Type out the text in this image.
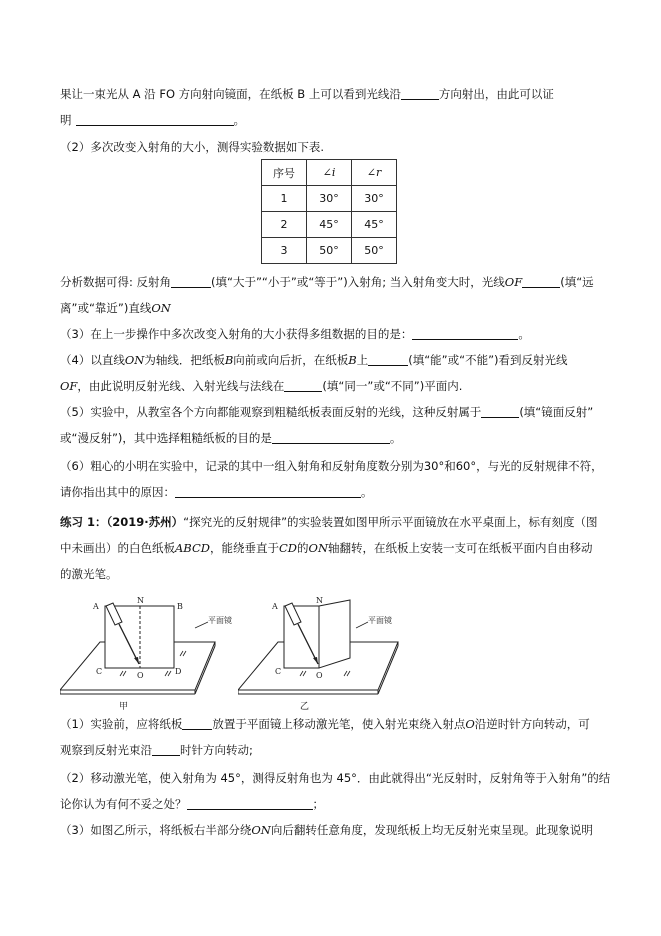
果让一束光从 A 沿 FO 方向射向镜面，在纸板 B 上可以看到光线沿	方向射出，由此可以证
明	。
（2）多次改变入射角的大小，测得实验数据如下表.
序号	∠i	∠r
1	30°	30°
2	45°	45°
3	50°	50°
分析数据可得: 反射角	(填“大于”“小于”或“等于”)入射角; 当入射角变大时，光线OF	(填“远
离”或“靠近”)直线ON
（3）在上一步操作中多次改变入射角的大小获得多组数据的目的是：	。
（4）以直线ON为轴线．把纸板B向前或向后折，在纸板B上	(填“能”或“不能”)看到反射光线
OF，由此说明反射光线、入射光线与法线在	(填“同一”或“不同”)平面内.
（5）实验中，从教室各个方向都能观察到粗糙纸板表面反射的光线，这种反射属于	(填“镜面反射”
或“漫反射”)，其中选择粗糙纸板的目的是	。
（6）粗心的小明在实验中，记录的其中一组入射角和反射角度数分别为30°和60°，与光的反射规律不符，
请你指出其中的原因：	。
练习 1：（2019·苏州）“探究光的反射规律”的实验装置如图甲所示平面镜放在水平桌面上，标有刻度（图
中未画出）的白色纸板ABCD，能绕垂直于CD的ON轴翻转，在纸板上安装一支可在纸板平面内自由移动
的激光笔。
平面镜
A
N
B
C	O	D
甲
平面镜
A
N
C	O
乙
（1）实验前，应将纸板	放置于平面镜上移动激光笔，使入射光束绕入射点O沿逆时针方向转动，可
观察到反射光束沿 时针方向转动;
（2）移动激光笔，使入射角为 45°，测得反射角也为 45°．由此就得出“光反射时，反射角等于入射角”的结
论你认为有何不妥之处？	；
（3）如图乙所示，将纸板右半部分绕ON向后翻转任意角度，发现纸板上均无反射光束呈现。此现象说明
